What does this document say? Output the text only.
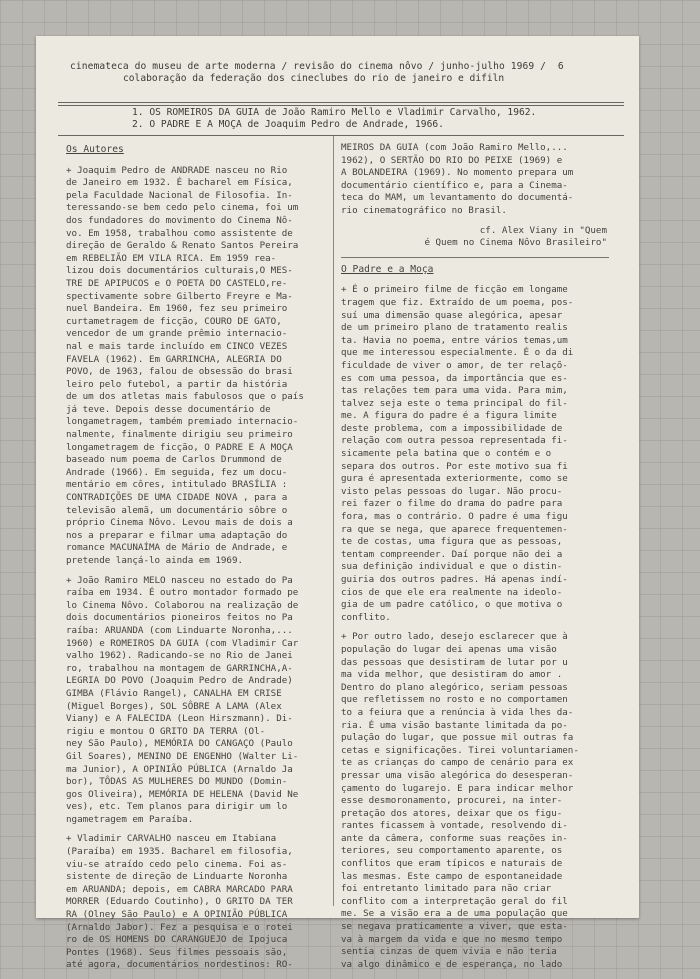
cinemateca do museu de arte moderna / revisão do cinema nôvo / junho-julho 1969 / 6
colaboração da federação dos cineclubes do rio de janeiro e difiln
1. OS ROMEIROS DA GUIA de João Ramiro Mello e Vladimir Carvalho, 1962.
2. O PADRE E A MOÇA de Joaquim Pedro de Andrade, 1966.
Os Autores
+ Joaquim Pedro de ANDRADE nasceu no Rio
de Janeiro em 1932. É bacharel em Física,
pela Faculdade Nacional de Filosofia. In-
teressando-se bem cedo pelo cinema, foi um
dos fundadores do movimento do Cinema Nô-
vo. Em 1958, trabalhou como assistente de
direção de Geraldo & Renato Santos Pereira
em REBELIÃO EM VILA RICA. Em 1959 rea-
lizou dois documentários culturais,O MES-
TRE DE APIPUCOS e O POETA DO CASTELO,re-
spectivamente sobre Gilberto Freyre e Ma-
nuel Bandeira. Em 1960, fez seu primeiro
curtametragem de ficção, COURO DE GATO,
vencedor de um grande prêmio internacio-
nal e mais tarde incluído em CINCO VEZES
FAVELA (1962). Em GARRINCHA, ALEGRIA DO
POVO, de 1963, falou de obsessão do brasi
leiro pelo futebol, a partir da história
de um dos atletas mais fabulosos que o país
já teve. Depois desse documentário de
longametragem, também premiado internacio-
nalmente, finalmente dirigiu seu primeiro
longametragem de ficção, O PADRE E A MOÇA
baseado num poema de Carlos Drummond de
Andrade (1966). Em seguida, fez um docu-
mentário em côres, intitulado BRASÍLIA :
CONTRADIÇÕES DE UMA CIDADE NOVA , para a
televisão alemã, um documentário sôbre o
próprio Cinema Nôvo. Levou mais de dois a
nos a preparar e filmar uma adaptação do
romance MACUNAÍMA de Mário de Andrade, e
pretende lançá-lo ainda em 1969.
+ João Ramiro MELO nasceu no estado do Pa
raíba em 1934. É outro montador formado pe
lo Cinema Nôvo. Colaborou na realização de
dois documentários pioneiros feitos no Pa
raíba: ARUANDA (com Linduarte Noronha,...
1960) e ROMEIROS DA GUIA (com Vladimir Car
valho 1962). Radicando-se no Rio de Janei
ro, trabalhou na montagem de GARRINCHA,A-
LEGRIA DO POVO (Joaquim Pedro de Andrade)
GIMBA (Flávio Rangel), CANALHA EM CRISE
(Miguel Borges), SOL SÔBRE A LAMA (Alex
Viany) e A FALECIDA (Leon Hirszmann). Di-
rigiu e montou O GRITO DA TERRA (Ol-
ney São Paulo), MEMÓRIA DO CANGAÇO (Paulo
Gil Soares), MENINO DE ENGENHO (Walter Li-
ma Junior), A OPINIÃO PÚBLICA (Arnaldo Ja
bor), TÔDAS AS MULHERES DO MUNDO (Domin-
gos Oliveira), MEMÓRIA DE HELENA (David Ne
ves), etc. Tem planos para dirigir um lo
ngametragem em Paraíba.
+ Vladimir CARVALHO nasceu em Itabiana
(Paraíba) em 1935. Bacharel em filosofia,
viu-se atraído cedo pelo cinema. Foi as-
sistente de direção de Linduarte Noronha
em ARUANDA; depois, em CABRA MARCADO PARA
MORRER (Eduardo Coutinho), O GRITO DA TER
RA (Olney São Paulo) e A OPINIÃO PÚBLICA
(Arnaldo Jabor). Fez a pesquisa e o rotei
ro de OS HOMENS DO CARANGUEJO de Ipojuca
Pontes (1968). Seus filmes pessoais são,
até agora, documentários nordestinos: RO-
MEIROS DA GUIA (com João Ramiro Mello,...
1962), O SERTÃO DO RIO DO PEIXE (1969) e
A BOLANDEIRA (1969). No momento prepara um
documentário científico e, para a Cinema-
teca do MAM, um levantamento do documentá-
rio cinematográfico no Brasil.
cf. Alex Viany in "Quem
é Quem no Cinema Nôvo Brasileiro"
O Padre e a Moça
+ É o primeiro filme de ficção em longame
tragem que fiz. Extraído de um poema, pos-
suí uma dimensão quase alegórica, apesar
de um primeiro plano de tratamento realis
ta. Havia no poema, entre vários temas,um
que me interessou especialmente. É o da di
ficuldade de viver o amor, de ter relaçõ-
es com uma pessoa, da importância que es-
tas relações tem para uma vida. Para mim,
talvez seja este o tema principal do fil-
me. A figura do padre é a figura limite
deste problema, com a impossibilidade de
relação com outra pessoa representada fi-
sicamente pela batina que o contém e o
separa dos outros. Por este motivo sua fi
gura é apresentada exteriormente, como se
visto pelas pessoas do lugar. Não procu-
rei fazer o filme do drama do padre para
fora, mas o contrário. O padre é uma figu
ra que se nega, que aparece frequentemen-
te de costas, uma figura que as pessoas,
tentam compreender. Daí porque não dei a
sua definição individual e que o distin-
guiria dos outros padres. Há apenas indí-
cios de que ele era realmente na ideolo-
gia de um padre católico, o que motiva o
conflito.
+ Por outro lado, desejo esclarecer que à
população do lugar dei apenas uma visão
das pessoas que desistiram de lutar por u
ma vida melhor, que desistiram do amor .
Dentro do plano alegórico, seriam pessoas
que refletissem no rosto e no comportamen
to a feiura que a renúncia à vida lhes da-
ria. É uma visão bastante limitada da po-
pulação do lugar, que possue mil outras fa
cetas e significações. Tirei voluntariamen-
te as crianças do campo de cenário para ex
pressar uma visão alegórica do desesperan-
çamento do lugarejo. E para indicar melhor
esse desmoronamento, procurei, na inter-
pretação dos atores, deixar que os figu-
rantes ficassem à vontade, resolvendo di-
ante da câmera, conforme suas reações in-
teriores, seu comportamento aparente, os
conflitos que eram típicos e naturais de
las mesmas. Este campo de espontaneidade
foi entretanto limitado para não criar
conflito com a interpretação geral do fil
me. Se a visão era a de uma população que
se negava praticamente a viver, que esta-
va à margem da vida e que no mesmo tempo
sentia cinzas de quem vivia e não teria
va algo dinâmico e de esperança, no lado
